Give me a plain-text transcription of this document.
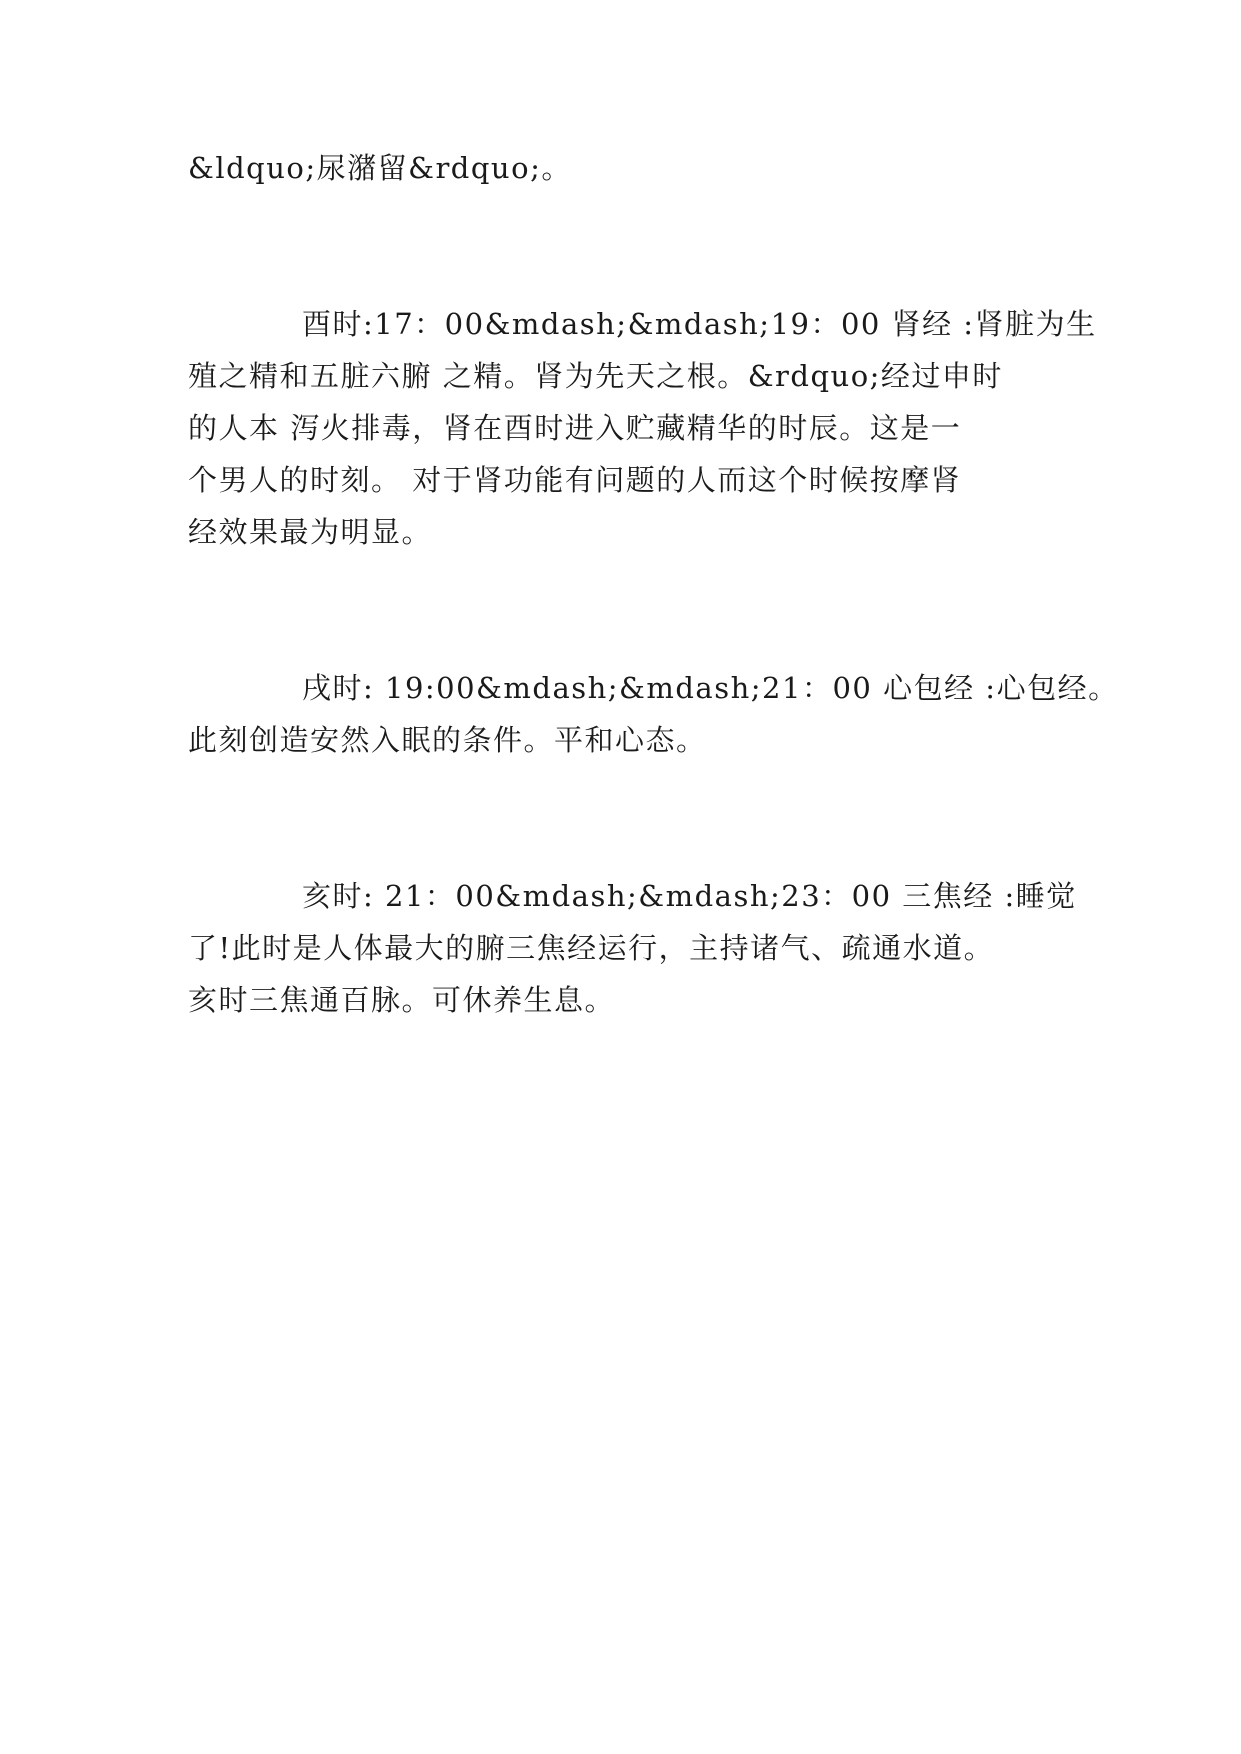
&ldquo;尿潴留&rdquo;。

酉时:17：00&mdash;&mdash;19：00 肾经 :肾脏为生

殖之精和五脏六腑 之精。肾为先天之根。&rdquo;经过申时

的人本 泻火排毒，肾在酉时进入贮藏精华的时辰。这是一

个男人的时刻。 对于肾功能有问题的人而这个时候按摩肾

经效果最为明显。

戌时: 19:00&mdash;&mdash;21：00 心包经 :心包经。

此刻创造安然入眠的条件。平和心态。

亥时: 21：00&mdash;&mdash;23：00 三焦经 :睡觉

了!此时是人体最大的腑三焦经运行，主持诸气、疏通水道。

亥时三焦通百脉。可休养生息。
